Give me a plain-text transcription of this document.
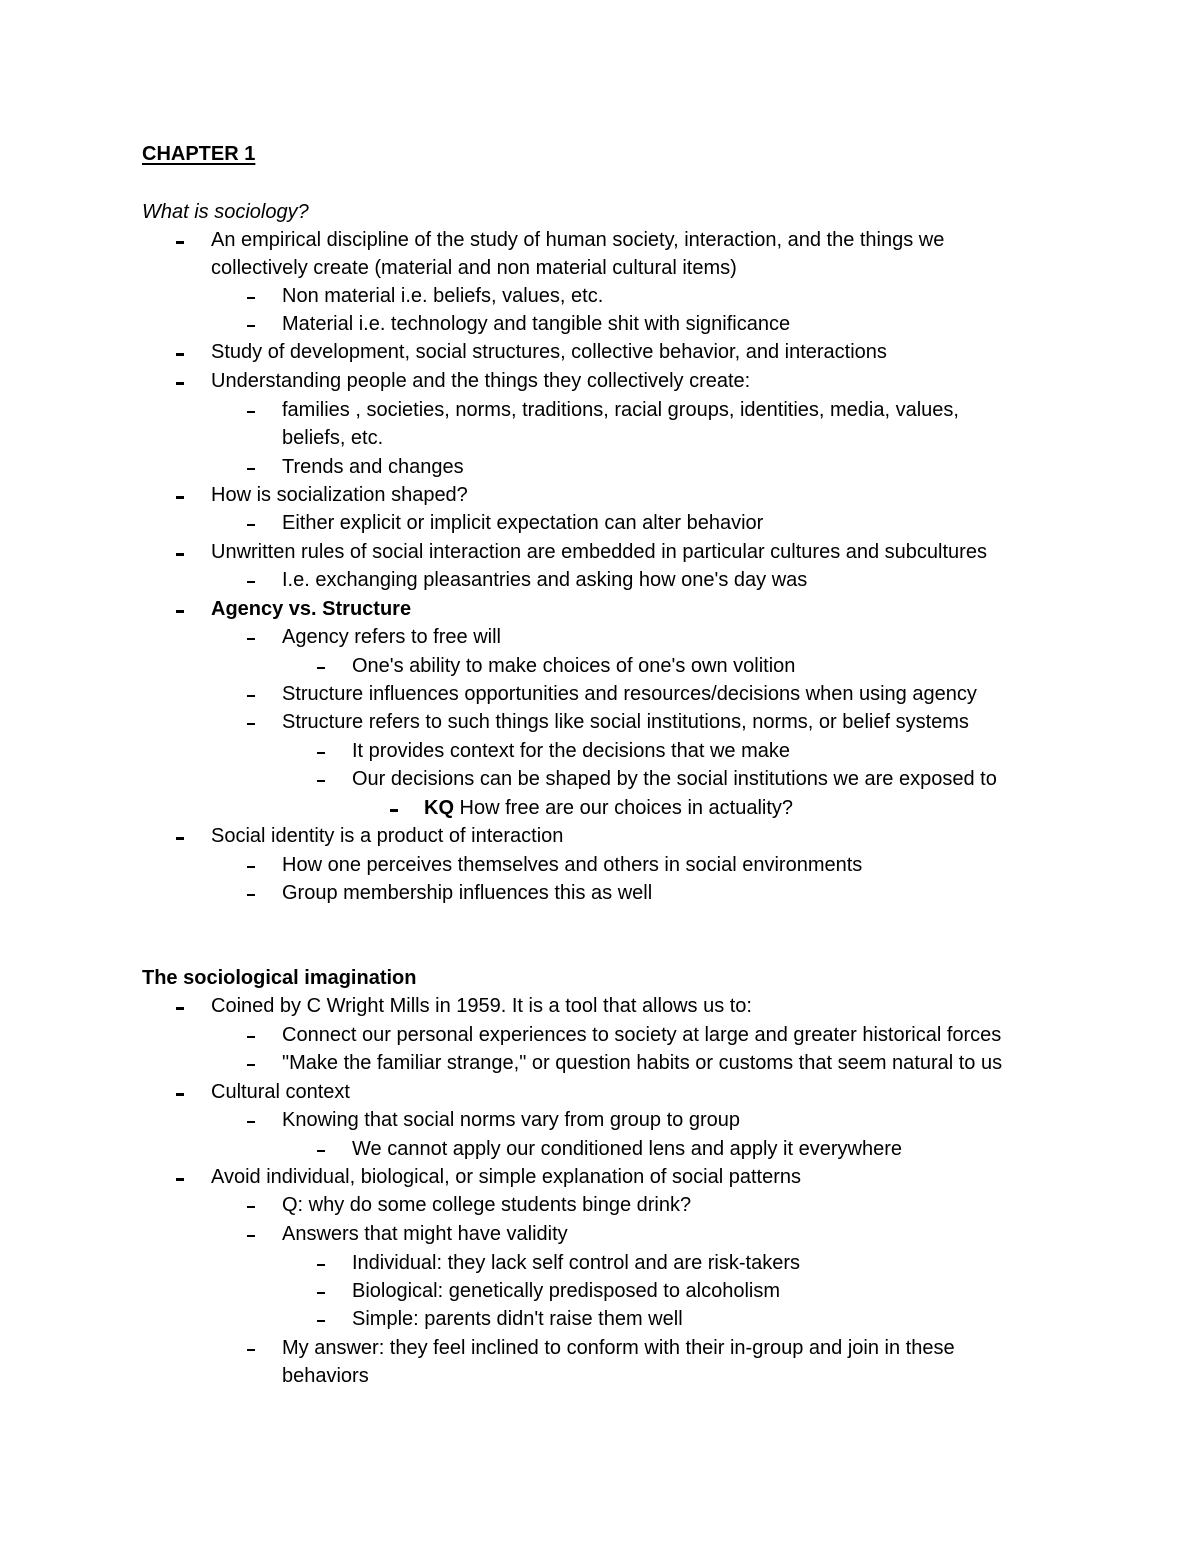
CHAPTER 1
What is sociology?
An empirical discipline of the study of human society, interaction, and the things we
collectively create (material and non material cultural items)
Non material i.e. beliefs, values, etc.
Material i.e. technology and tangible shit with significance
Study of development, social structures, collective behavior, and interactions
Understanding people and the things they collectively create:
families , societies, norms, traditions, racial groups, identities, media, values,
beliefs, etc.
Trends and changes
How is socialization shaped?
Either explicit or implicit expectation can alter behavior
Unwritten rules of social interaction are embedded in particular cultures and subcultures
I.e. exchanging pleasantries and asking how one's day was
Agency vs. Structure
Agency refers to free will
One's ability to make choices of one's own volition
Structure influences opportunities and resources/decisions when using agency
Structure refers to such things like social institutions, norms, or belief systems
It provides context for the decisions that we make
Our decisions can be shaped by the social institutions we are exposed to
KQ How free are our choices in actuality?
Social identity is a product of interaction
How one perceives themselves and others in social environments
Group membership influences this as well
The sociological imagination
Coined by C Wright Mills in 1959. It is a tool that allows us to:
Connect our personal experiences to society at large and greater historical forces
"Make the familiar strange," or question habits or customs that seem natural to us
Cultural context
Knowing that social norms vary from group to group
We cannot apply our conditioned lens and apply it everywhere
Avoid individual, biological, or simple explanation of social patterns
Q: why do some college students binge drink?
Answers that might have validity
Individual: they lack self control and are risk-takers
Biological: genetically predisposed to alcoholism
Simple: parents didn't raise them well
My answer: they feel inclined to conform with their in-group and join in these
behaviors
